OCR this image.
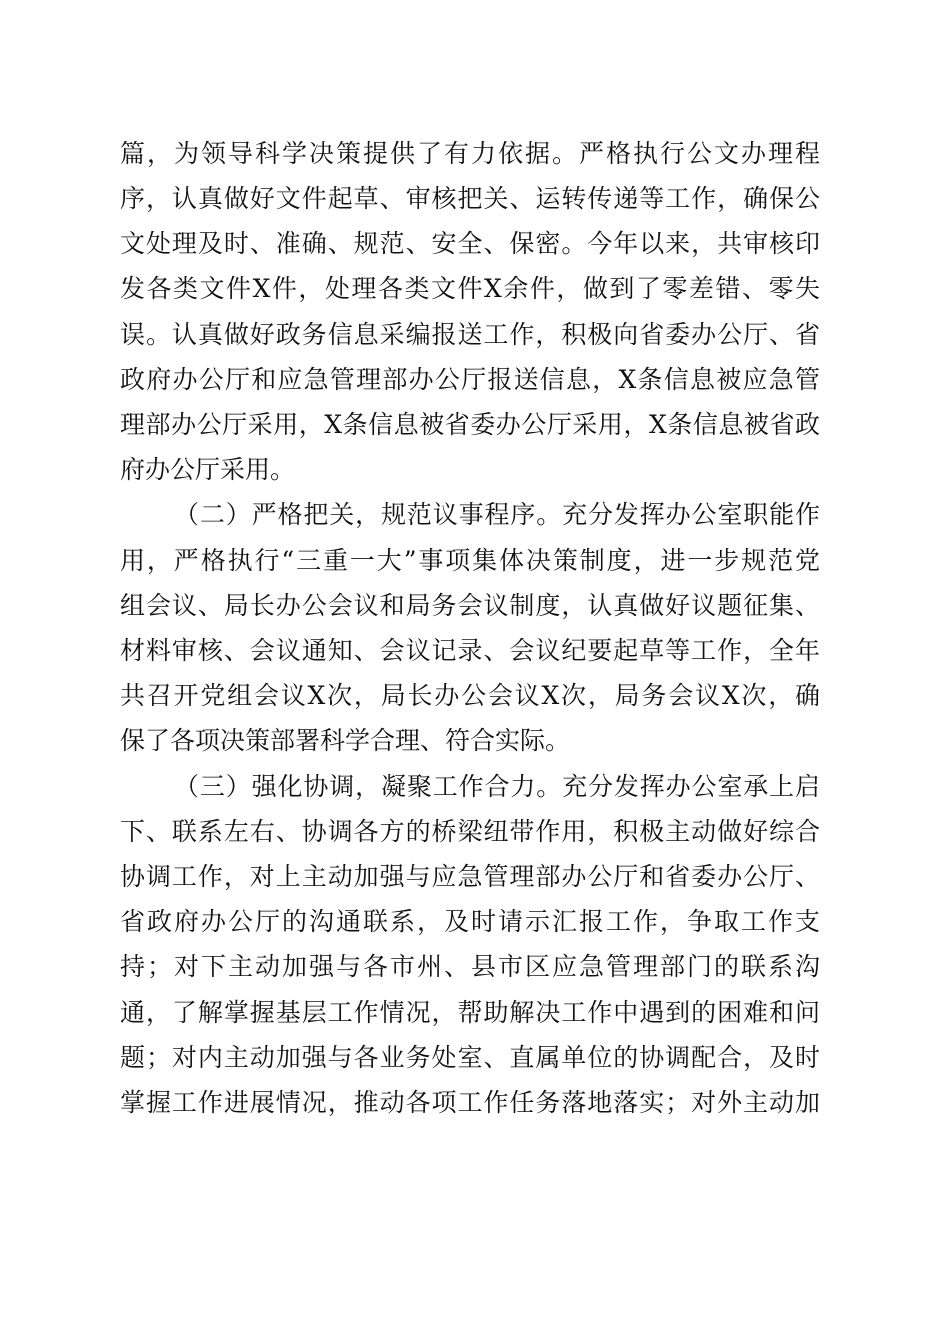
篇，为领导科学决策提供了有力依据。严格执行公文办理程
序，认真做好文件起草、审核把关、运转传递等工作，确保公
文处理及时、准确、规范、安全、保密。今年以来，共审核印
发各类文件X件，处理各类文件X余件，做到了零差错、零失
误。认真做好政务信息采编报送工作，积极向省委办公厅、省
政府办公厅和应急管理部办公厅报送信息，X条信息被应急管
理部办公厅采用，X条信息被省委办公厅采用，X条信息被省政
府办公厅采用。
（二）严格把关，规范议事程序。充分发挥办公室职能作
用，严格执行“三重一大”事项集体决策制度，进一步规范党
组会议、局长办公会议和局务会议制度，认真做好议题征集、
材料审核、会议通知、会议记录、会议纪要起草等工作，全年
共召开党组会议X次，局长办公会议X次，局务会议X次，确
保了各项决策部署科学合理、符合实际。
（三）强化协调，凝聚工作合力。充分发挥办公室承上启
下、联系左右、协调各方的桥梁纽带作用，积极主动做好综合
协调工作，对上主动加强与应急管理部办公厅和省委办公厅、
省政府办公厅的沟通联系，及时请示汇报工作，争取工作支
持；对下主动加强与各市州、县市区应急管理部门的联系沟
通，了解掌握基层工作情况，帮助解决工作中遇到的困难和问
题；对内主动加强与各业务处室、直属单位的协调配合，及时
掌握工作进展情况，推动各项工作任务落地落实；对外主动加
